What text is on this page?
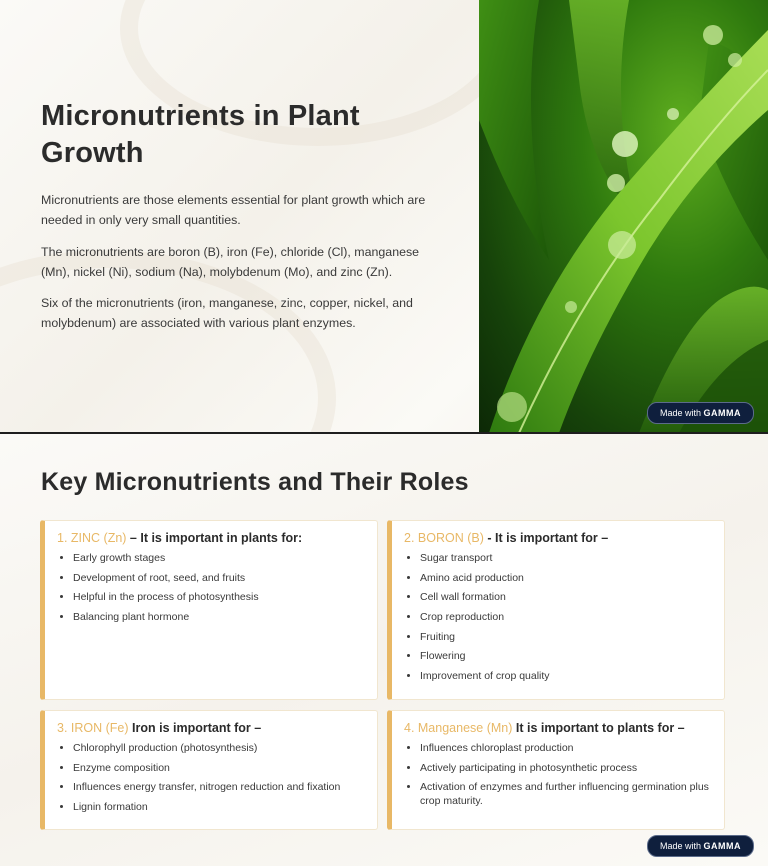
Micronutrients in Plant Growth
Micronutrients are those elements essential for plant growth which are needed in only very small quantities.
The micronutrients are boron (B), iron (Fe), chloride (Cl), manganese (Mn), nickel (Ni), sodium (Na), molybdenum (Mo), and zinc (Zn).
Six of the micronutrients (iron, manganese, zinc, copper, nickel, and molybdenum) are associated with various plant enzymes.
Made with GAMMA
Key Micronutrients and Their Roles
1. ZINC (Zn) – It is important in plants for:
• Early growth stages
• Development of root, seed, and fruits
• Helpful in the process of photosynthesis
• Balancing plant hormone
2. BORON (B) - It is important for –
• Sugar transport
• Amino acid production
• Cell wall formation
• Crop reproduction
• Fruiting
• Flowering
• Improvement of crop quality
3. IRON (Fe) Iron is important for –
• Chlorophyll production (photosynthesis)
• Enzyme composition
• Influences energy transfer, nitrogen reduction and fixation
• Lignin formation
4. Manganese (Mn) It is important to plants for –
• Influences chloroplast production
• Actively participating in photosynthetic process
• Activation of enzymes and further influencing germination plus crop maturity.
Made with GAMMA
